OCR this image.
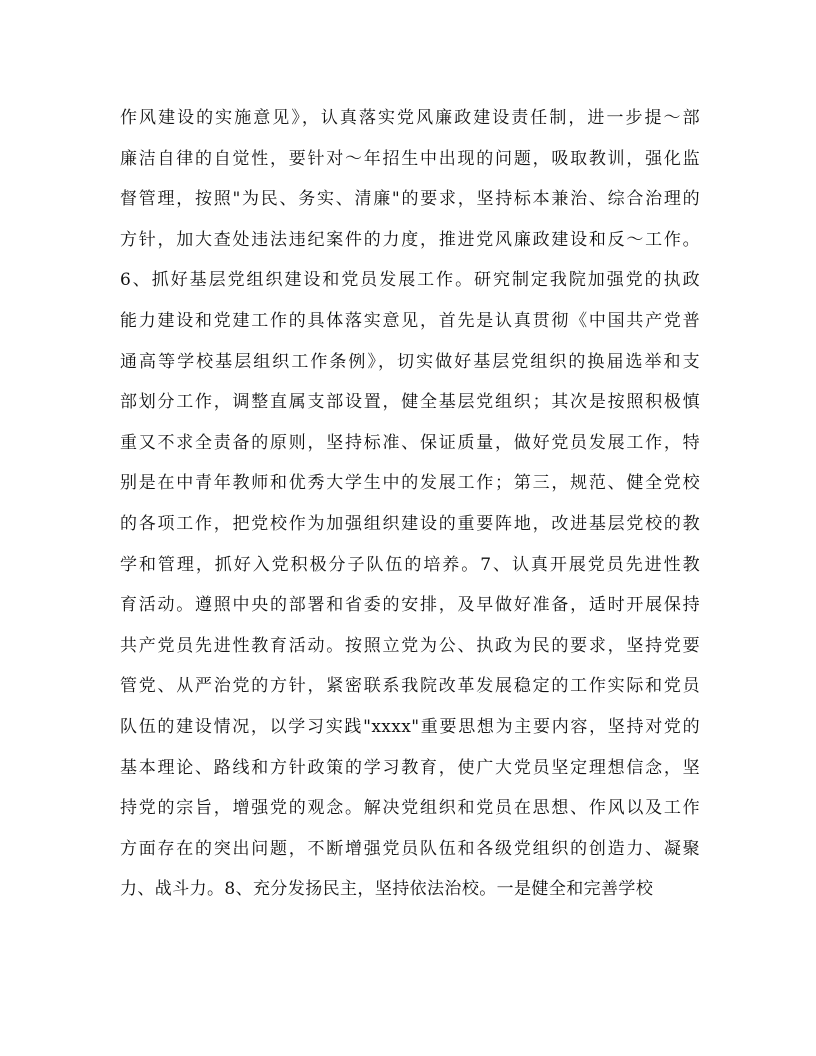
作风建设的实施意见》，认真落实党风廉政建设责任制，进一步提～部
廉洁自律的自觉性，要针对～年招生中出现的问题，吸取教训，强化监
督管理，按照"为民、务实、清廉"的要求，坚持标本兼治、综合治理的
方针，加大查处违法违纪案件的力度，推进党风廉政建设和反～工作。
6、抓好基层党组织建设和党员发展工作。研究制定我院加强党的执政
能力建设和党建工作的具体落实意见，首先是认真贯彻《中国共产党普
通高等学校基层组织工作条例》，切实做好基层党组织的换届选举和支
部划分工作，调整直属支部设置，健全基层党组织；其次是按照积极慎
重又不求全责备的原则，坚持标准、保证质量，做好党员发展工作，特
别是在中青年教师和优秀大学生中的发展工作；第三，规范、健全党校
的各项工作，把党校作为加强组织建设的重要阵地，改进基层党校的教
学和管理，抓好入党积极分子队伍的培养。7、认真开展党员先进性教
育活动。遵照中央的部署和省委的安排，及早做好准备，适时开展保持
共产党员先进性教育活动。按照立党为公、执政为民的要求，坚持党要
管党、从严治党的方针，紧密联系我院改革发展稳定的工作实际和党员
队伍的建设情况，以学习实践"xxxx"重要思想为主要内容，坚持对党的
基本理论、路线和方针政策的学习教育，使广大党员坚定理想信念，坚
持党的宗旨，增强党的观念。解决党组织和党员在思想、作风以及工作
方面存在的突出问题，不断增强党员队伍和各级党组织的创造力、凝聚
力、战斗力。8、充分发扬民主，坚持依法治校。一是健全和完善学校
